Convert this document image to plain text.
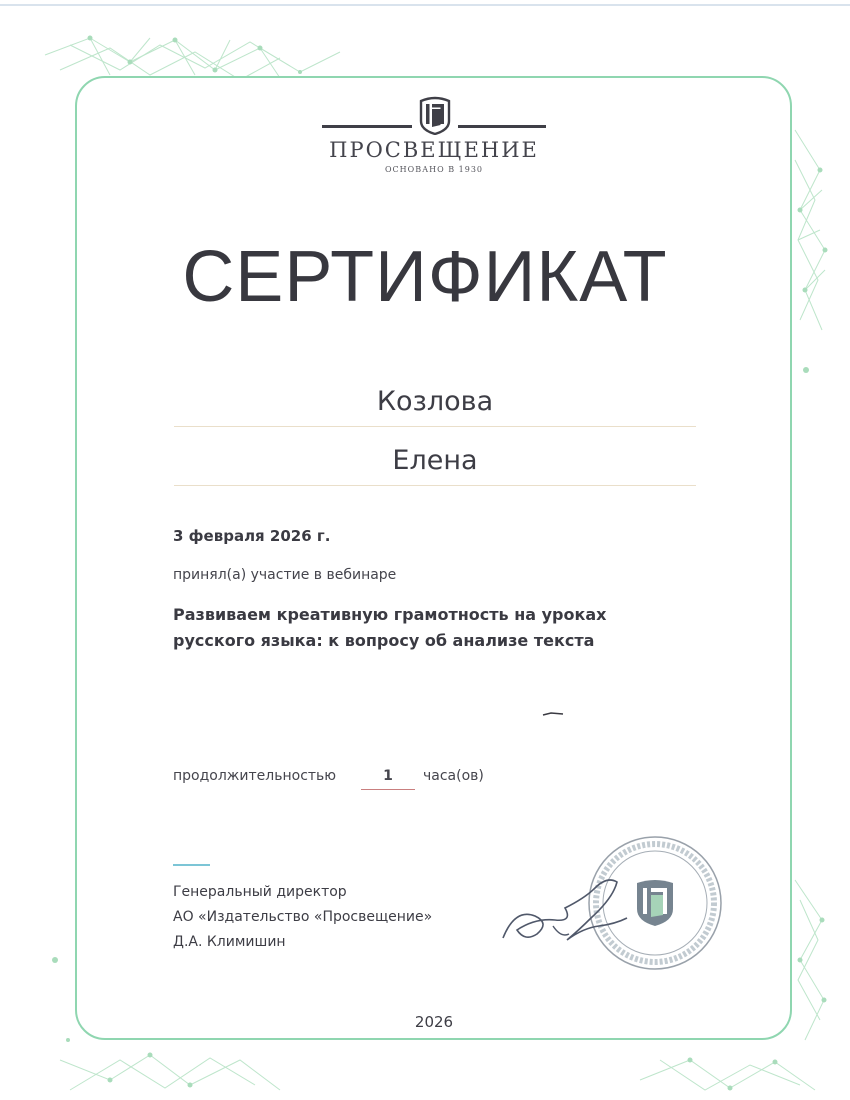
ПРОСВЕЩЕНИЕ
ОСНОВАНО В 1930
СЕРТИФИКАТ
Козлова
Елена
3 февраля 2026 г.
принял(а) участие в вебинаре
Развиваем креативную грамотность на уроках
русского языка: к вопросу об анализе текста
продолжительностью	1	часа(ов)
Генеральный директор
АО «Издательство «Просвещение»
Д.А. Климишин
2026
